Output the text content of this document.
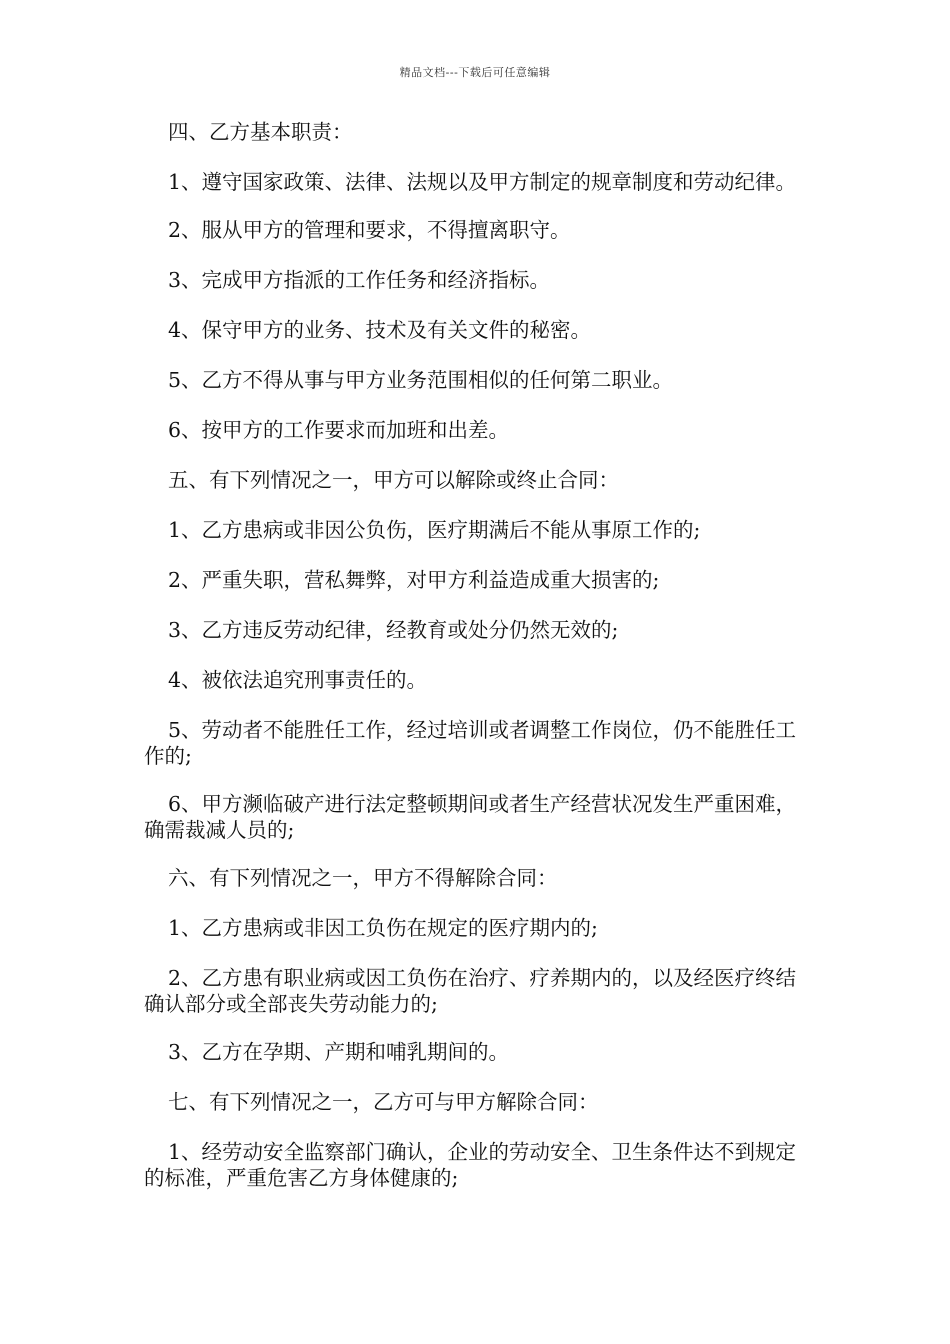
精品文档---下载后可任意编辑

四、乙方基本职责：

1、遵守国家政策、法律、法规以及甲方制定的规章制度和劳动纪律。

2、服从甲方的管理和要求，不得擅离职守。

3、完成甲方指派的工作任务和经济指标。

4、保守甲方的业务、技术及有关文件的秘密。

5、乙方不得从事与甲方业务范围相似的任何第二职业。

6、按甲方的工作要求而加班和出差。

五、有下列情况之一，甲方可以解除或终止合同：

1、乙方患病或非因公负伤，医疗期满后不能从事原工作的;

2、严重失职，营私舞弊，对甲方利益造成重大损害的;

3、乙方违反劳动纪律，经教育或处分仍然无效的;

4、被依法追究刑事责任的。

5、劳动者不能胜任工作，经过培训或者调整工作岗位，仍不能胜任工作的;

6、甲方濒临破产进行法定整顿期间或者生产经营状况发生严重困难，确需裁减人员的;

六、有下列情况之一，甲方不得解除合同：

1、乙方患病或非因工负伤在规定的医疗期内的;

2、乙方患有职业病或因工负伤在治疗、疗养期内的，以及经医疗终结确认部分或全部丧失劳动能力的;

3、乙方在孕期、产期和哺乳期间的。

七、有下列情况之一，乙方可与甲方解除合同：

1、经劳动安全监察部门确认，企业的劳动安全、卫生条件达不到规定的标准，严重危害乙方身体健康的;
